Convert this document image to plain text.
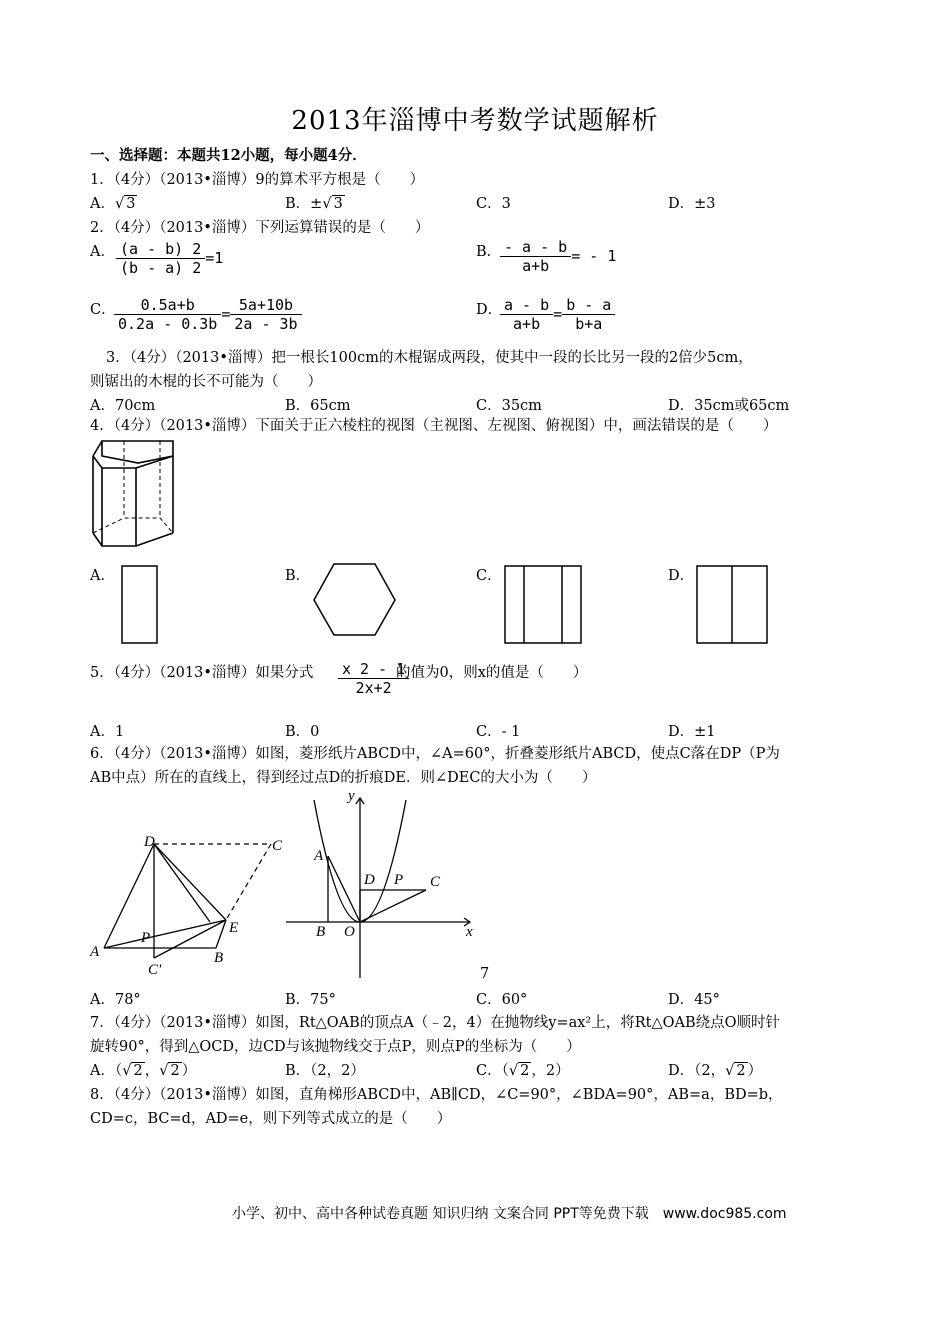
2013年淄博中考数学试题解析
一、选择题：本题共12小题，每小题4分．
1．（4分）（2013•淄博）9的算术平方根是（　　）
A．√ 3	B．±√ 3	C．3	D．±3
2．（4分）（2013•淄博）下列运算错误的是（　　）
A． $\frac{(a - b) 2}{(b - a) 2} =1$	B．
$\frac{- a - b}{a+b}$ = - 1
C．
$\frac{0.5a+b}{0.2a - 0.3b} = \frac{5a+10b}{2a - 3b}$	D．
$\frac{a - b}{a+b} = \frac{b - a}{b+a}$
3．（4分）（2013•淄博）把一根长100cm的木棍锯成两段，使其中一段的长比另一段的2倍少5cm，
则锯出的木棍的长不可能为（　　）
A．70cm	B．65cm	C．35cm	D．35cm或65cm
4．（4分）（2013•淄博）下面关于正六棱柱的视图（主视图、左视图、俯视图）中，画法错误的是（　　）
A．	B．	C．	D．
5．（4分）（2013•淄博）如果分式 $\frac{x 2 - 1}{2x+2}$
的值为0，则x的值是（　　）
A．1	B．0	C．- 1	D．±1
6．（4分）（2013•淄博）如图，菱形纸片ABCD中，∠A=60°，折叠菱形纸片ABCD，使点C落在DP（P为
AB中点）所在的直线上，得到经过点D的折痕DE．则∠DEC的大小为（　　）
D	C
P
E
A
C'
B
y
A
D P C
B O	x
7
A．78°	B．75°	C．60°	D．45°
7．（4分）（2013•淄博）如图，Rt△OAB的顶点A（﹣2，4）在抛物线y=ax²上，将Rt△OAB绕点O顺时针
旋转90°，得到△OCD，边CD与该抛物线交于点P，则点P的坐标为（　　）
A．（√ 2 ，√ 2 ）	B．（2，2）	C．（√ 2 ，2）	D．（2，√ 2 ）
8．（4分）（2013•淄博）如图，直角梯形ABCD中，AB∥CD，∠C=90°，∠BDA=90°，AB=a，BD=b，
CD=c，BC=d，AD=e，则下列等式成立的是（　　）
小学、初中、高中各种试卷真题 知识归纳 文案合同 PPT等免费下载　www.doc985.com
